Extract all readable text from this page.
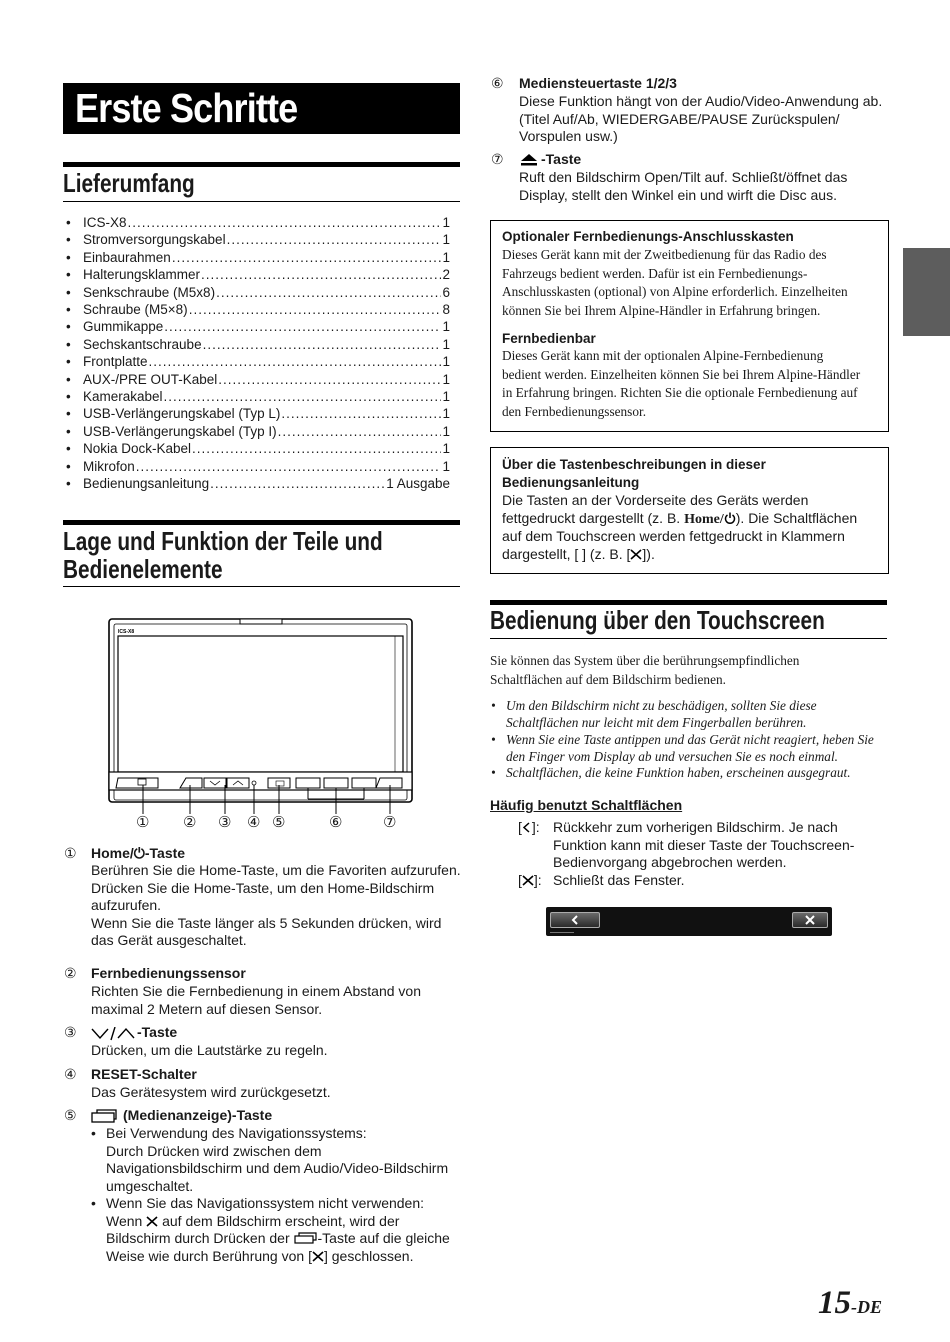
Erste Schritte
Lieferumfang
• ICS-X8 .....	1
• Stromversorgungskabel .....	1
• Einbaurahmen .....	1
• Halterungsklammer .....	2
• Senkschraube (M5x8) .....	6
• Schraube (M5×8) .....	8
• Gummikappe .....	1
• Sechskantschraube .....	1
• Frontplatte .....	1
• AUX-/PRE OUT-Kabel .....	1
• Kamerakabel .....	1
• USB-Verlängerungskabel (Typ L) .....	1
• USB-Verlängerungskabel (Typ I) .....	1
• Nokia Dock-Kabel .....	1
• Mikrofon .....	1
• Bedienungsanleitung .....	1 Ausgabe
Lage und Funktion der Teile und
Bedienelemente
ICS-X8
① ② ③ ④ ⑤	⑥	⑦
① Home/⏻-Taste
Berühren Sie die Home-Taste, um die Favoriten aufzurufen.
Drücken Sie die Home-Taste, um den Home-Bildschirm
aufzurufen.
Wenn Sie die Taste länger als 5 Sekunden drücken, wird
das Gerät ausgeschaltet.
② Fernbedienungssensor
Richten Sie die Fernbedienung in einem Abstand von
maximal 2 Metern auf diesen Sensor.
③	-Taste
Drücken, um die Lautstärke zu regeln.
④ RESET-Schalter
Das Gerätesystem wird zurückgesetzt.
⑤	(Medienanzeige)-Taste
• Bei Verwendung des Navigationssystems:
Durch Drücken wird zwischen dem
Navigationsbildschirm und dem Audio/Video-Bildschirm
umgeschaltet.
• Wenn Sie das Navigationssystem nicht verwenden:
Wenn auf dem Bildschirm erscheint, wird der
Bildschirm durch Drücken der -Taste auf die gleiche
Weise wie durch Berührung von [ ] geschlossen.
⑥ Mediensteuertaste 1/2/3
Diese Funktion hängt von der Audio/Video-Anwendung ab.
(Titel Auf/Ab, WIEDERGABE/PAUSE Zurückspulen/
Vorspulen usw.)
⑦	-Taste
Ruft den Bildschirm Open/Tilt auf. Schließt/öffnet das
Display, stellt den Winkel ein und wirft die Disc aus.
Optionaler Fernbedienungs-Anschlusskasten
Dieses Gerät kann mit der Zweitbedienung für das Radio des
Fahrzeugs bedient werden. Dafür ist ein Fernbedienungs-
Anschlusskasten (optional) von Alpine erforderlich. Einzelheiten
können Sie bei Ihrem Alpine-Händler in Erfahrung bringen.
Fernbedienbar
Dieses Gerät kann mit der optionalen Alpine-Fernbedienung
bedient werden. Einzelheiten können Sie bei Ihrem Alpine-Händler
in Erfahrung bringen. Richten Sie die optionale Fernbedienung auf
den Fernbedienungssensor.
Über die Tastenbeschreibungen in dieser
Bedienungsanleitung
Die Tasten an der Vorderseite des Geräts werden
fettgedruckt dargestellt (z. B. Home/ ). Die Schaltflächen
auf dem Touchscreen werden fettgedruckt in Klammern
dargestellt, [ ] (z. B. [ ]).
Bedienung über den Touchscreen
Sie können das System über die berührungsempfindlichen
Schaltflächen auf dem Bildschirm bedienen.
• Um den Bildschirm nicht zu beschädigen, sollten Sie diese
Schaltflächen nur leicht mit dem Fingerballen berühren.
• Wenn Sie eine Taste antippen und das Gerät nicht reagiert, heben Sie
den Finger vom Display ab und versuchen Sie es noch einmal.
• Schaltflächen, die keine Funktion haben, erscheinen ausgegraut.
Häufig benutzt Schaltflächen
[ ]: Rückkehr zum vorherigen Bildschirm. Je nach
Funktion kann mit dieser Taste der Touchscreen-
Bedienvorgang abgebrochen werden.
[ ]: Schließt das Fenster.
15-DE
